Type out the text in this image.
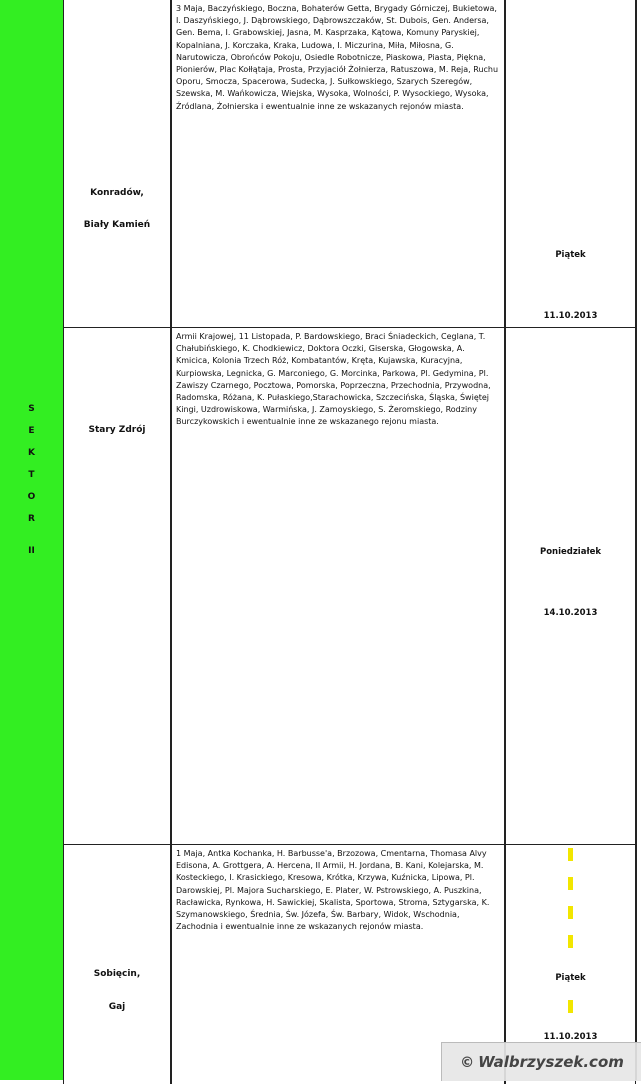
S
E
K
T
O
R
II
Konradów,
Biały Kamień

3 Maja, Baczyńskiego, Boczna, Bohaterów Getta, Brygady Górniczej, Bukietowa, I. Daszyńskiego, J. Dąbrowskiego, Dąbrowszczaków, St. Dubois, Gen. Andersa, Gen. Bema, I. Grabowskiej, Jasna, M. Kasprzaka, Kątowa, Komuny Paryskiej, Kopalniana, J. Korczaka, Kraka, Ludowa, I. Miczurina, Miła, Miłosna, G. Narutowicza, Obrońców Pokoju, Osiedle Robotnicze, Piaskowa, Piasta, Piękna, Pionierów, Plac Kołłątaja, Prosta, Przyjaciół Żołnierza, Ratuszowa, M. Reja, Ruchu Oporu, Smocza, Spacerowa, Sudecka, J. Sułkowskiego, Szarych Szeregów, Szewska, M. Wańkowicza, Wiejska, Wysoka, Wolności, P. Wysockiego, Wysoka, Źródlana, Żołnierska i ewentualnie inne ze wskazanych rejonów miasta.

Piątek
11.10.2013
Stary Zdrój

Armii Krajowej, 11 Listopada, P. Bardowskiego, Braci Śniadeckich, Ceglana, T. Chałubińskiego, K. Chodkiewicz, Doktora Oczki, Giserska, Głogowska, A. Kmicica, Kolonia Trzech Róż, Kombatantów, Kręta, Kujawska, Kuracyjna, Kurpiowska, Legnicka, G. Marconiego, G. Morcinka, Parkowa, Pl. Gedymina, Pl. Zawiszy Czarnego, Pocztowa, Pomorska, Poprzeczna, Przechodnia, Przywodna, Radomska, Różana, K. Pułaskiego,Starachowicka, Szczecińska, Śląska, Świętej Kingi, Uzdrowiskowa, Warmińska, J. Zamoyskiego, S. Żeromskiego, Rodziny Burczykowskich i ewentualnie inne ze wskazanego rejonu miasta.

Poniedziałek
14.10.2013
Sobięcin,
Gaj

1 Maja, Antka Kochanka, H. Barbusse'a, Brzozowa, Cmentarna, Thomasa Alvy Edisona, A. Grottgera, A. Hercena, II Armii, H. Jordana, B. Kani, Kolejarska, M. Kosteckiego, I. Krasickiego, Kresowa, Krótka, Krzywa, Kuźnicka, Lipowa, Pl. Darowskiej, Pl. Majora Sucharskiego, E. Plater, W. Pstrowskiego, A. Puszkina, Racławicka, Rynkowa, H. Sawickiej, Skalista, Sportowa, Stroma, Sztygarska, K. Szymanowskiego, Średnia, Św. Józefa, Św. Barbary, Widok, Wschodnia, Zachodnia i ewentualnie inne ze wskazanych rejonów miasta.

Piątek
11.10.2013
© Walbrzyszek.com
